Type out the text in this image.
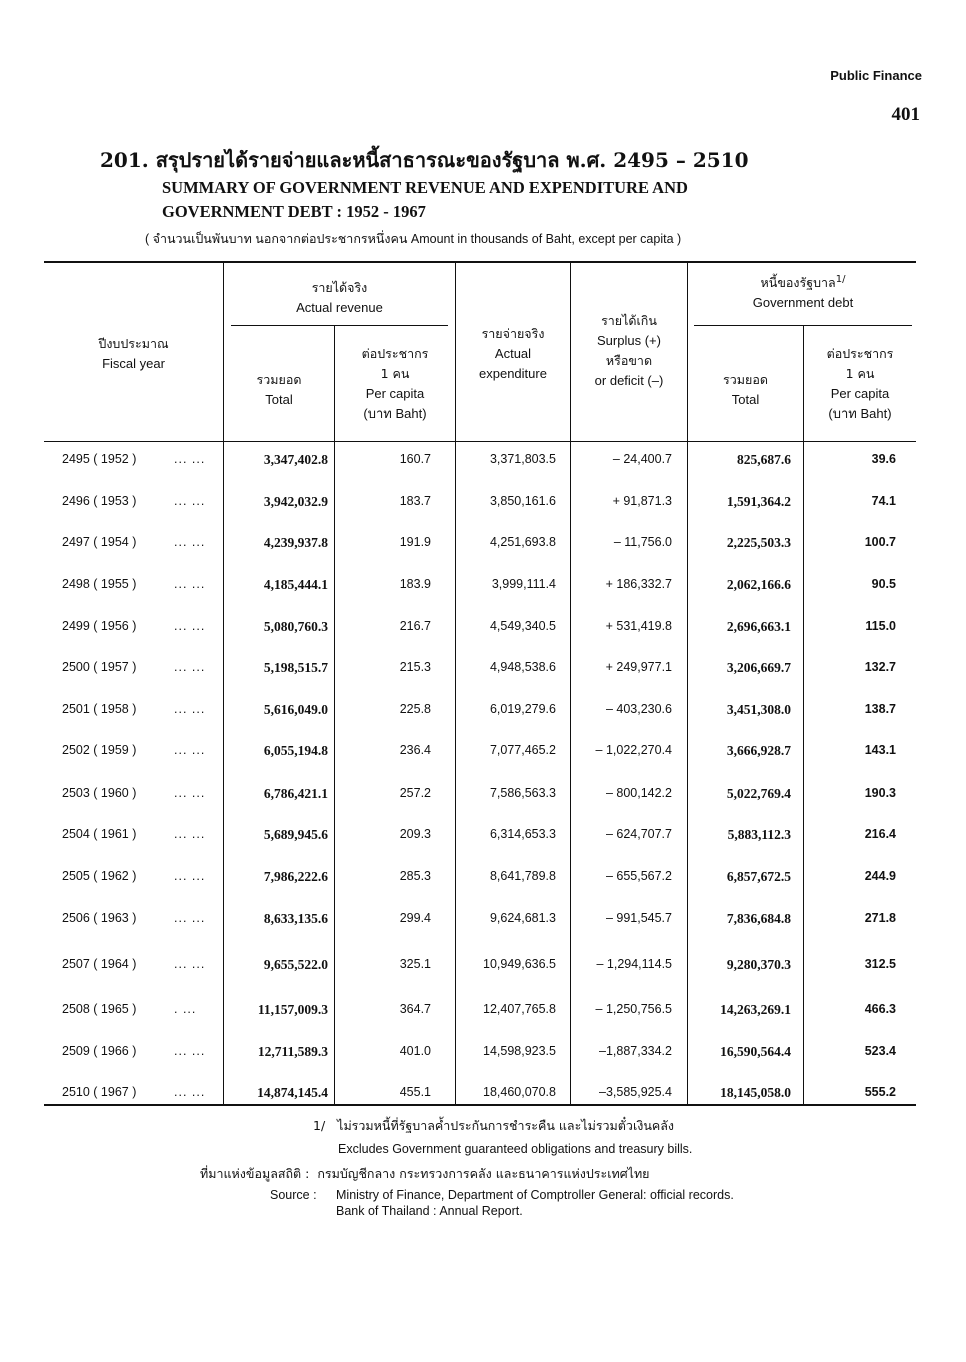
Public Finance
401
201. สรุปรายได้รายจ่ายและหนี้สาธารณะของรัฐบาล พ.ศ. 2495 – 2510
SUMMARY OF GOVERNMENT REVENUE AND EXPENDITURE AND
GOVERNMENT DEBT : 1952 - 1967
( จำนวนเป็นพันบาท นอกจากต่อประชากรหนึ่งคน Amount in thousands of Baht, except per capita )
ปีงบประมาณ
Fiscal year
รายได้จริง
Actual revenue
รวมยอด
Total
ต่อประชากร
1 คน
Per capita
(บาท Baht)
รายจ่ายจริง
Actual
expenditure
รายได้เกิน
Surplus (+)
หรือขาด
or deficit (–)
หนี้ของรัฐบาล$^{1/}$
Government debt
รวมยอด
Total
ต่อประชากร
1 คน
Per capita
(บาท Baht)
2495 ( 1952 )	... ...	3,347,402.8	160.7	3,371,803.5	– 24,400.7	825,687.6	39.6
2496 ( 1953 )	... ...	3,942,032.9	183.7	3,850,161.6	+ 91,871.3	1,591,364.2	74.1
2497 ( 1954 )	... ...	4,239,937.8	191.9	4,251,693.8	– 11,756.0	2,225,503.3	100.7
2498 ( 1955 )	... ...	4,185,444.1	183.9	3,999,111.4	+ 186,332.7	2,062,166.6	90.5
2499 ( 1956 )	... ...	5,080,760.3	216.7	4,549,340.5	+ 531,419.8	2,696,663.1	115.0
2500 ( 1957 )	... ...	5,198,515.7	215.3	4,948,538.6	+ 249,977.1	3,206,669.7	132.7
2501 ( 1958 )	... ...	5,616,049.0	225.8	6,019,279.6	– 403,230.6	3,451,308.0	138.7
2502 ( 1959 )	... ...	6,055,194.8	236.4	7,077,465.2	– 1,022,270.4	3,666,928.7	143.1
2503 ( 1960 )	... ...	6,786,421.1	257.2	7,586,563.3	– 800,142.2	5,022,769.4	190.3
2504 ( 1961 )	... ...	5,689,945.6	209.3	6,314,653.3	– 624,707.7	5,883,112.3	216.4
2505 ( 1962 )	... ...	7,986,222.6	285.3	8,641,789.8	– 655,567.2	6,857,672.5	244.9
2506 ( 1963 )	... ...	8,633,135.6	299.4	9,624,681.3	– 991,545.7	7,836,684.8	271.8
2507 ( 1964 )	... ...	9,655,522.0	325.1	10,949,636.5	– 1,294,114.5	9,280,370.3	312.5
2508 ( 1965 )	. ...	11,157,009.3	364.7	12,407,765.8	– 1,250,756.5	14,263,269.1	466.3
2509 ( 1966 )	... ...	12,711,589.3	401.0	14,598,923.5	–1,887,334.2	16,590,564.4	523.4
2510 ( 1967 )	... ...	14,874,145.4	455.1	18,460,070.8	–3,585,925.4	18,145,058.0	555.2
1/ ไม่รวมหนี้ที่รัฐบาลค้ำประกันการชำระคืน และไม่รวมตั๋วเงินคลัง
Excludes Government guaranteed obligations and treasury bills.
ที่มาแห่งข้อมูลสถิติ : กรมบัญชีกลาง กระทรวงการคลัง และธนาคารแห่งประเทศไทย
Source : Ministry of Finance, Department of Comptroller General: official records.
Bank of Thailand : Annual Report.
